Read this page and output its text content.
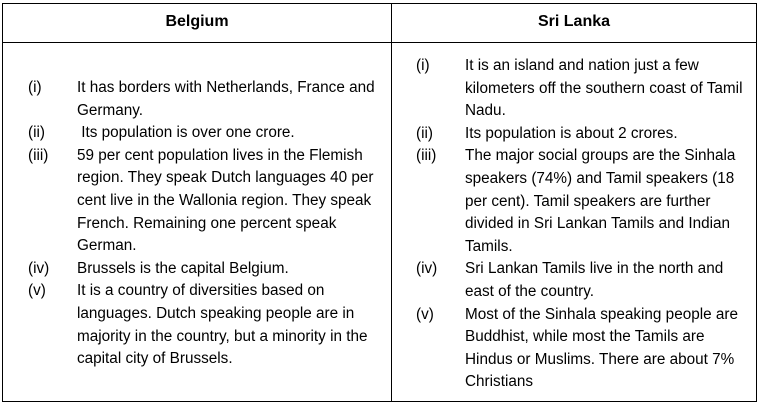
Belgium	Sri Lanka
(i) It has borders with Netherlands, France and Germany.
(ii) Its population is over one crore.
(iii) 59 per cent population lives in the Flemish region. They speak Dutch languages 40 per cent live in the Wallonia region. They speak French. Remaining one percent speak German.
(iv) Brussels is the capital Belgium.
(v) It is a country of diversities based on languages. Dutch speaking people are in majority in the country, but a minority in the capital city of Brussels.
(i) It is an island and nation just a few kilometers off the southern coast of Tamil Nadu.
(ii) Its population is about 2 crores.
(iii) The major social groups are the Sinhala speakers (74%) and Tamil speakers (18 per cent). Tamil speakers are further divided in Sri Lankan Tamils and Indian Tamils.
(iv) Sri Lankan Tamils live in the north and east of the country.
(v) Most of the Sinhala speaking people are Buddhist, while most the Tamils are Hindus or Muslims. There are about 7% Christians
